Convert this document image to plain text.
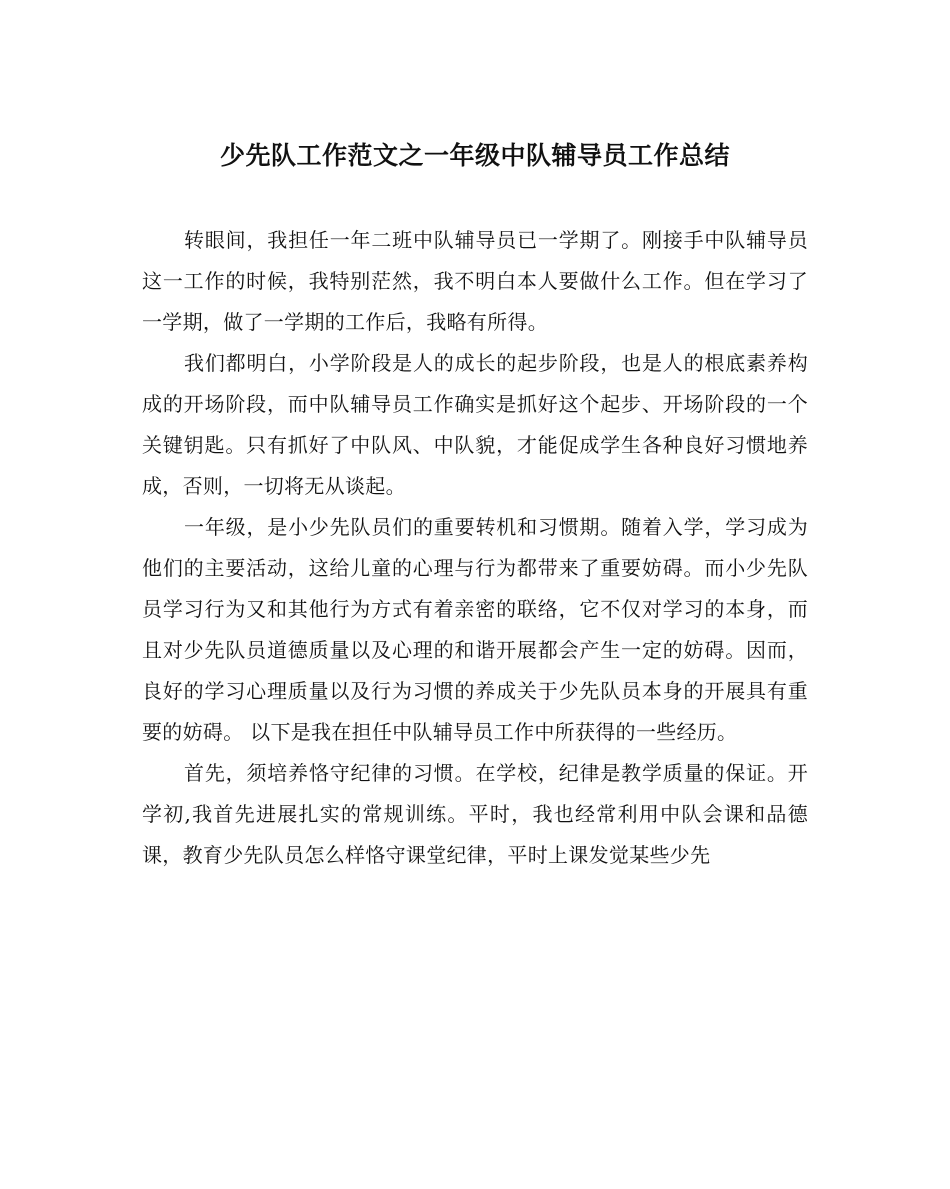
少先队工作范文之一年级中队辅导员工作总结

转眼间，我担任一年二班中队辅导员已一学期了。刚接手中队辅导员这一工作的时候，我特别茫然，我不明白本人要做什么工作。但在学习了一学期，做了一学期的工作后，我略有所得。

我们都明白，小学阶段是人的成长的起步阶段，也是人的根底素养构成的开场阶段，而中队辅导员工作确实是抓好这个起步、开场阶段的一个关键钥匙。只有抓好了中队风、中队貌，才能促成学生各种良好习惯地养成，否则，一切将无从谈起。

一年级，是小少先队员们的重要转机和习惯期。随着入学，学习成为他们的主要活动，这给儿童的心理与行为都带来了重要妨碍。而小少先队员学习行为又和其他行为方式有着亲密的联络，它不仅对学习的本身，而且对少先队员道德质量以及心理的和谐开展都会产生一定的妨碍。因而，良好的学习心理质量以及行为习惯的养成关于少先队员本身的开展具有重要的妨碍。 以下是我在担任中队辅导员工作中所获得的一些经历。

首先，须培养恪守纪律的习惯。在学校，纪律是教学质量的保证。开学初,我首先进展扎实的常规训练。平时，我也经常利用中队会课和品德课，教育少先队员怎么样恪守课堂纪律，平时上课发觉某些少先
